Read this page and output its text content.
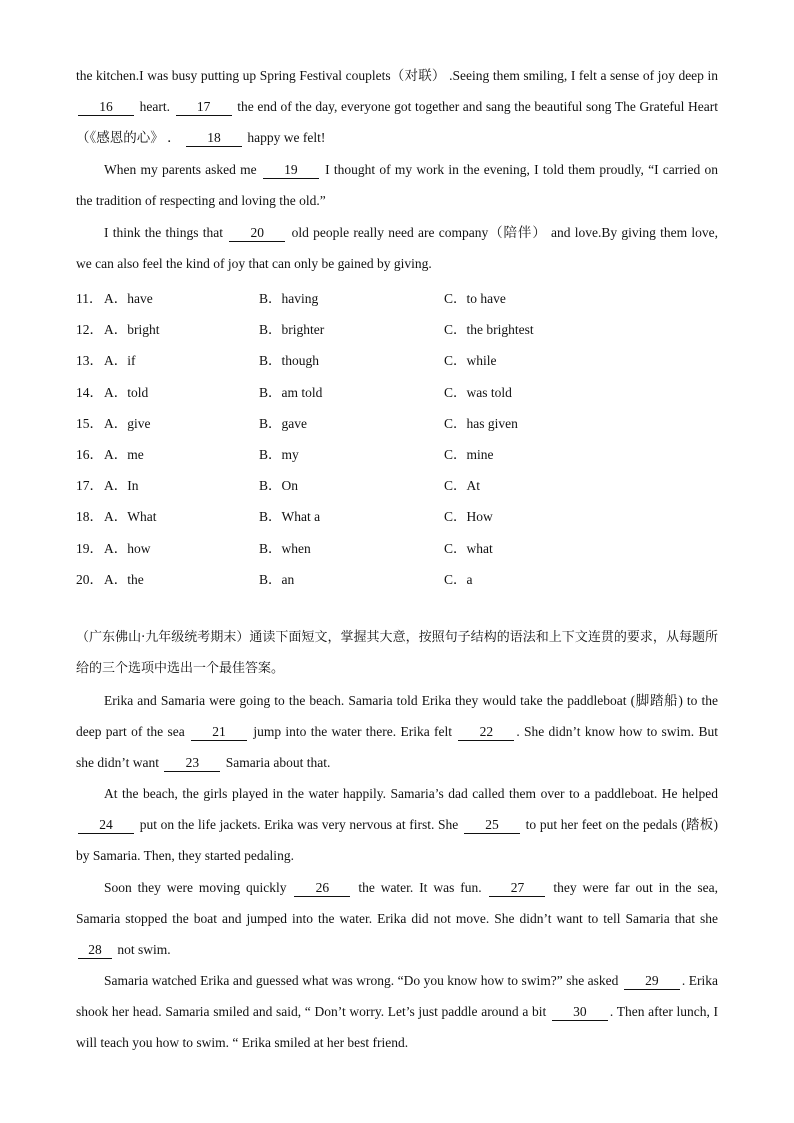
the kitchen.I was busy putting up Spring Festival couplets（对联） .Seeing them smiling, I felt a sense of joy deep in 16 heart. 17 the end of the day, everyone got together and sang the beautiful song The Grateful Heart（《感恩的心》 ． 18 happy we felt!

When my parents asked me 19 I thought of my work in the evening, I told them proudly, “I carried on the tradition of respecting and loving the old.”

I think the things that 20 old people really need are company（陪伴） and love.By giving them love, we can also feel the kind of joy that can only be gained by giving.

11． A．have	B．having	C．to have
12． A．bright	B．brighter	C．the brightest
13． A．if	B．though	C．while
14． A．told	B．am told	C．was told
15． A．give	B．gave	C．has given
16． A．me	B．my	C．mine
17． A．In	B．On	C．At
18． A．What	B．What a	C．How
19． A．how	B．when	C．what
20． A．the	B．an	C．a

（广东佛山·九年级统考期末）通读下面短文，掌握其大意，按照句子结构的语法和上下文连贯的要求，从每题所给的三个选项中选出一个最佳答案。

Erika and Samaria were going to the beach. Samaria told Erika they would take the paddleboat (脚踏船) to the deep part of the sea 21 jump into the water there. Erika felt 22 . She didn’t know how to swim. But she didn’t want 23 Samaria about that.

At the beach, the girls played in the water happily. Samaria’s dad called them over to a paddleboat. He helped 24 put on the life jackets. Erika was very nervous at first. She 25 to put her feet on the pedals (踏板) by Samaria. Then, they started pedaling.

Soon they were moving quickly 26 the water. It was fun. 27 they were far out in the sea, Samaria stopped the boat and jumped into the water. Erika did not move. She didn’t want to tell Samaria that she 28 not swim.

Samaria watched Erika and guessed what was wrong. “Do you know how to swim?” she asked 29 . Erika shook her head. Samaria smiled and said, “ Don’t worry. Let’s just paddle around a bit 30 . Then after lunch, I will teach you how to swim. “ Erika smiled at her best friend.
